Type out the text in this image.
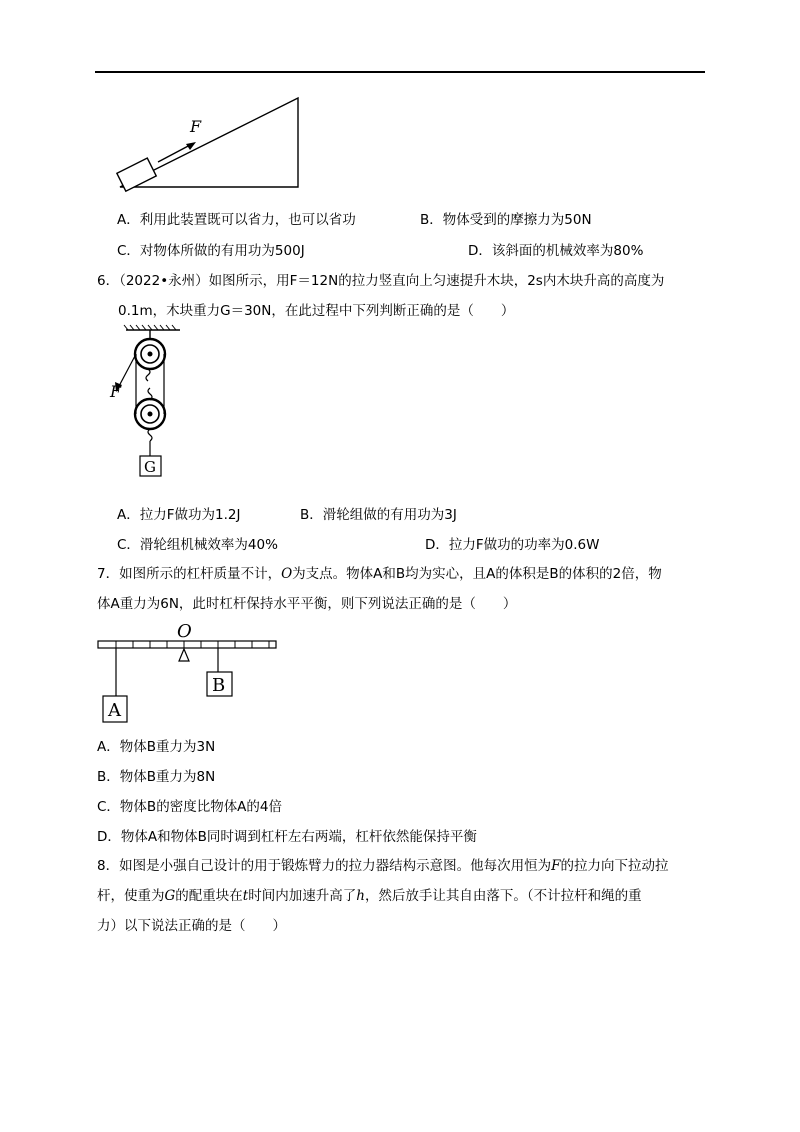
F
A．利用此装置既可以省力，也可以省功	B．物体受到的摩擦力为50N
C．对物体所做的有用功为500J	D．该斜面的机械效率为80%
6．（2022•永州）如图所示，用F＝12N的拉力竖直向上匀速提升木块，2s内木块升高的高度为
0.1m，木块重力G＝30N，在此过程中下列判断正确的是（　　）
F
G
A．拉力F做功为1.2J	B．滑轮组做的有用功为3J
C．滑轮组机械效率为40%	D．拉力F做功的功率为0.6W
7．如图所示的杠杆质量不计，O为支点。物体A和B均为实心，且A的体积是B的体积的2倍，物
体A重力为6N，此时杠杆保持水平平衡，则下列说法正确的是（　　）
O
A
B
A．物体B重力为3N
B．物体B重力为8N
C．物体B的密度比物体A的4倍
D．物体A和物体B同时调到杠杆左右两端，杠杆依然能保持平衡
8．如图是小强自己设计的用于锻炼臂力的拉力器结构示意图。他每次用恒为F的拉力向下拉动拉
杆，使重为G的配重块在t时间内加速升高了h，然后放手让其自由落下。（不计拉杆和绳的重
力）以下说法正确的是（　　）
